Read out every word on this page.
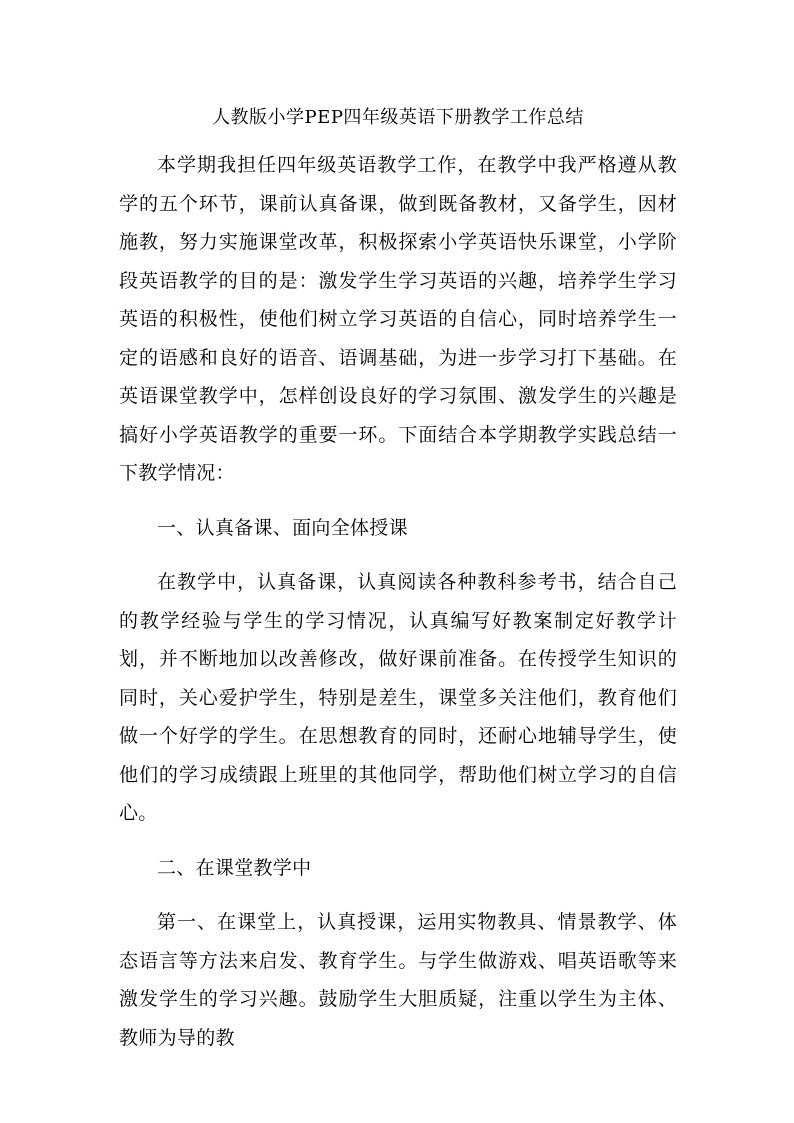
人教版小学PEP四年级英语下册教学工作总结

本学期我担任四年级英语教学工作，在教学中我严格遵从教学的五个环节，课前认真备课，做到既备教材，又备学生，因材施教，努力实施课堂改革，积极探索小学英语快乐课堂，小学阶段英语教学的目的是：激发学生学习英语的兴趣，培养学生学习英语的积极性，使他们树立学习英语的自信心，同时培养学生一定的语感和良好的语音、语调基础，为进一步学习打下基础。在英语课堂教学中，怎样创设良好的学习氛围、激发学生的兴趣是搞好小学英语教学的重要一环。下面结合本学期教学实践总结一下教学情况：

一、认真备课、面向全体授课

在教学中，认真备课，认真阅读各种教科参考书，结合自己的教学经验与学生的学习情况，认真编写好教案制定好教学计划，并不断地加以改善修改，做好课前准备。在传授学生知识的同时，关心爱护学生，特别是差生，课堂多关注他们，教育他们做一个好学的学生。在思想教育的同时，还耐心地辅导学生，使他们的学习成绩跟上班里的其他同学，帮助他们树立学习的自信心。

二、在课堂教学中

第一、在课堂上，认真授课，运用实物教具、情景教学、体态语言等方法来启发、教育学生。与学生做游戏、唱英语歌等来激发学生的学习兴趣。鼓励学生大胆质疑，注重以学生为主体、教师为导的教
